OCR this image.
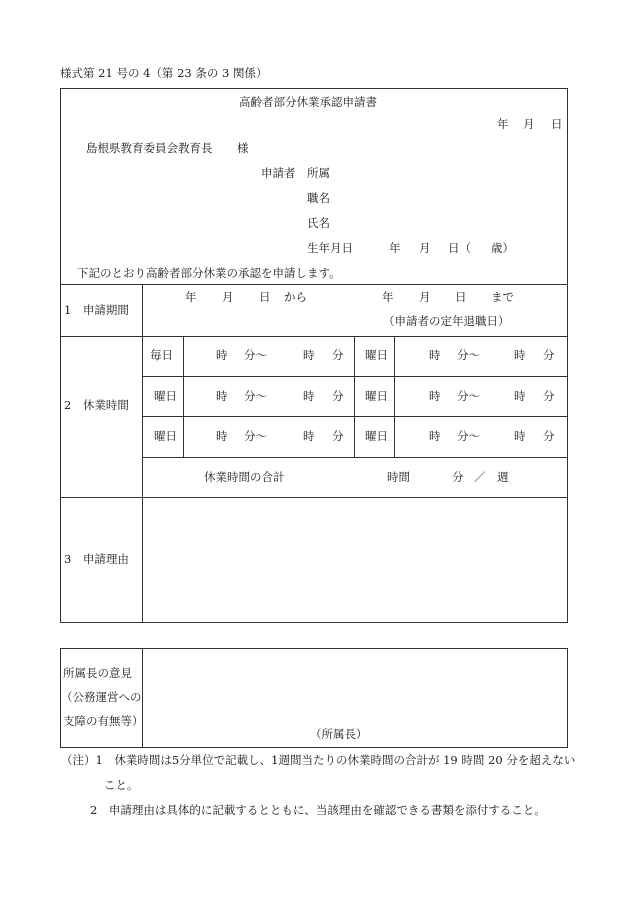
様式第 21 号の 4（第 23 条の 3 関係）
高齢者部分休業承認申請書
年 月 日
島根県教育委員会教育長 様
申請者 所属
職名
氏名
生年月日	年 月 日（ 歳）
下記のとおり高齢者部分休業の承認を申請します。
1　申請期間
年 月 日 から	年 月 日 まで
（申請者の定年退職日）
2　休業時間
毎日	時 分～	時 分 曜日	時 分～	時 分
曜日	時 分～	時 分 曜日	時 分～	時 分
曜日	時 分～	時 分 曜日	時 分～	時 分
休業時間の合計	時間	分 ／　週
3　申請理由
所属長の意見
（公務運営への
支障の有無等）
（所属長）
（注）1　休業時間は5分単位で記載し、1週間当たりの休業時間の合計が 19 時間 20 分を超えない
こと。
2　申請理由は具体的に記載するとともに、当該理由を確認できる書類を添付すること。
